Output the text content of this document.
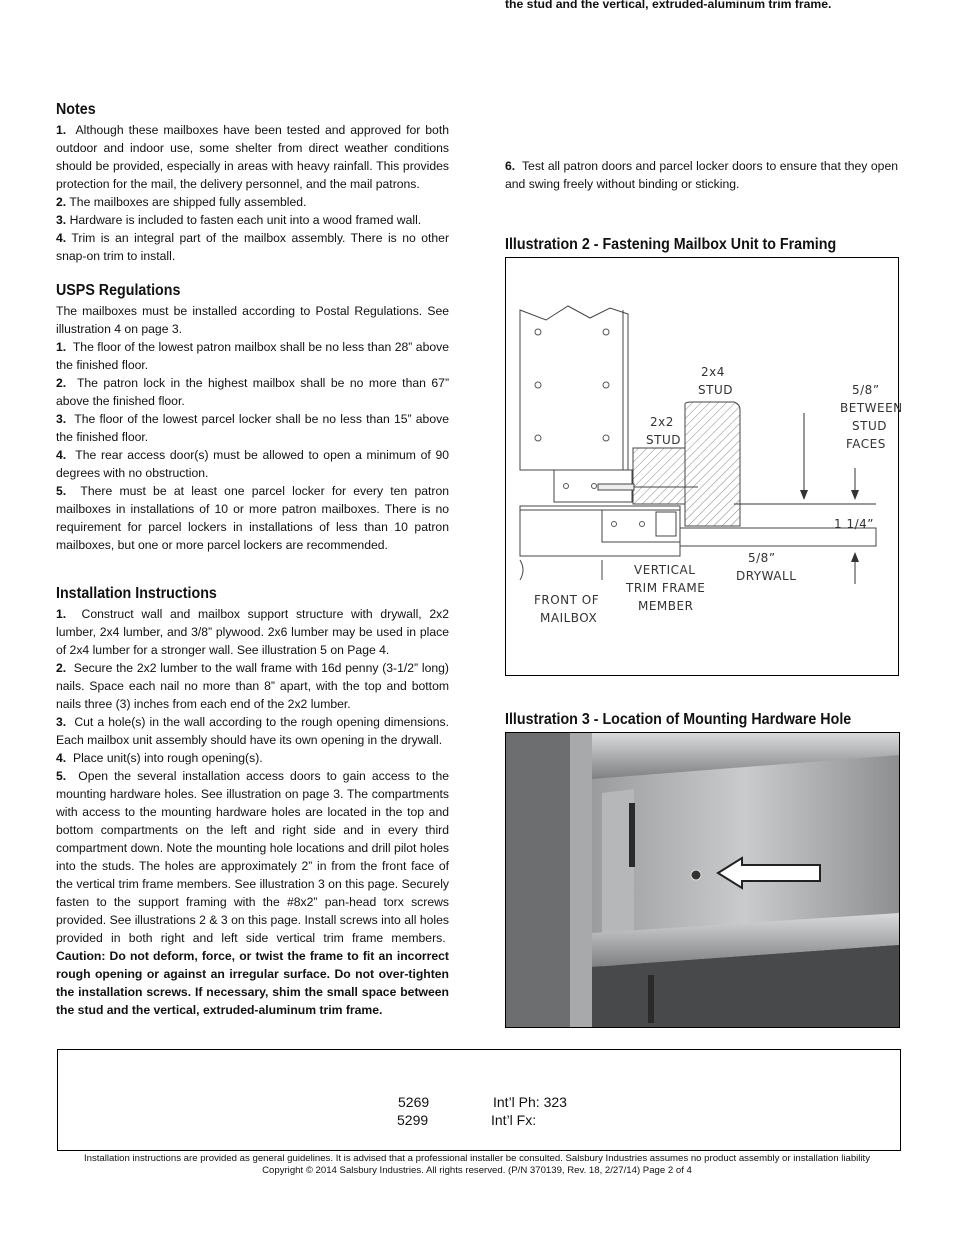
Notes

1. Although these mailboxes have been tested and approved for both outdoor and indoor use, some shelter from direct weather conditions should be provided, especially in areas with heavy rainfall. This provides protection for the mail, the delivery personnel, and the mail patrons.

2. The mailboxes are shipped fully assembled.

3. Hardware is included to fasten each unit into a wood framed wall.

4. Trim is an integral part of the mailbox assembly. There is no other snap-on trim to install.

USPS Regulations

The mailboxes must be installed according to Postal Regulations. See illustration 4 on page 3.

1. The floor of the lowest patron mailbox shall be no less than 28” above the finished floor.

2. The patron lock in the highest mailbox shall be no more than 67” above the finished floor.

3. The floor of the lowest parcel locker shall be no less than 15” above the finished floor.

4. The rear access door(s) must be allowed to open a minimum of 90 degrees with no obstruction.

5. There must be at least one parcel locker for every ten patron mailboxes in installations of 10 or more patron mailboxes. There is no requirement for parcel lockers in installations of less than 10 patron mailboxes, but one or more parcel lockers are recommended.

Installation Instructions

1. Construct wall and mailbox support structure with drywall, 2x2 lumber, 2x4 lumber, and 3/8” plywood. 2x6 lumber may be used in place of 2x4 lumber for a stronger wall. See illustration 5 on Page 4.

2. Secure the 2x2 lumber to the wall frame with 16d penny (3-1/2” long) nails. Space each nail no more than 8” apart, with the top and bottom nails three (3) inches from each end of the 2x2 lumber.

3. Cut a hole(s) in the wall according to the rough opening dimensions. Each mailbox unit assembly should have its own opening in the drywall.

4. Place unit(s) into rough opening(s).

5. Open the several installation access doors to gain access to the mounting hardware holes. See illustration on page 3. The compartments with access to the mounting hardware holes are located in the top and bottom compartments on the left and right side and in every third compartment down. Note the mounting hole locations and drill pilot holes into the studs. The holes are approximately 2” in from the front face of the vertical trim frame members. See illustration 3 on this page. Securely fasten to the support framing with the #8x2” pan-head torx screws provided. See illustrations 2 & 3 on this page. Install screws into all holes provided in both right and left side vertical trim frame members.  Caution: Do not deform, force, or twist the frame to fit an incorrect rough opening or against an irregular surface. Do not over-tighten the installation screws. If necessary, shim the small space between the stud and the vertical, extruded-aluminum trim frame.

the stud and the vertical, extruded-aluminum trim frame.

6. Test all patron doors and parcel locker doors to ensure that they open and swing freely without binding or sticking.

Illustration 2 - Fastening Mailbox Unit to Framing
2x4
STUD
2x2
STUD
5/8”
BETWEEN
STUD
FACES
1 1/4”
5/8”
DRYWALL
VERTICAL
TRIM FRAME
MEMBER
FRONT OF
MAILBOX
Illustration 3 - Location of Mounting Hardware Hole
5269	Int’l Ph: 323
5299	Int’l Fx:
Installation instructions are provided as general guidelines. It is advised that a professional installer be consulted. Salsbury Industries assumes no product assembly or installation liability
Copyright © 2014 Salsbury Industries. All rights reserved. (P/N 370139, Rev. 18, 2/27/14) Page 2 of 4
